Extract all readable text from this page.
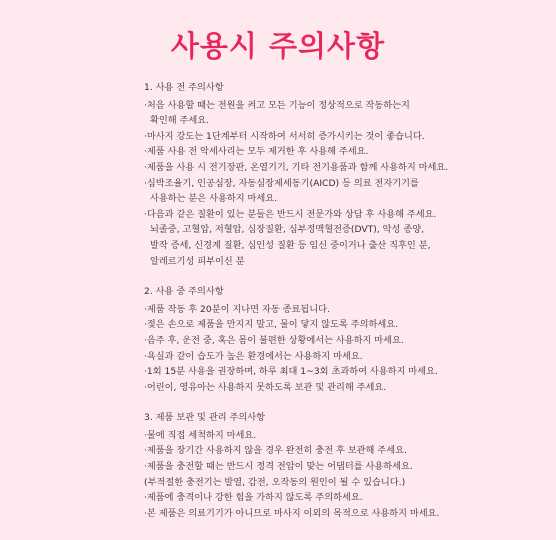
사용시 주의사항
1. 사용 전 주의사항
·처음 사용할 때는 전원을 켜고 모든 기능이 정상적으로 작동하는지
확인해 주세요.
·마사지 강도는 1단계부터 시작하여 서서히 증가시키는 것이 좋습니다.
·제품 사용 전 악세사리는 모두 제거한 후 사용해 주세요.
·제품을 사용 시 전기장판, 온열기기, 기타 전기용품과 함께 사용하지 마세요.
·심박조율기, 인공심장, 자동심장제세동기(AICD) 등 의료 전자기기를
사용하는 분은 사용하지 마세요.
·다음과 같은 질환이 있는 분들은 반드시 전문가와 상담 후 사용해 주세요.
뇌졸중, 고혈압, 저혈압, 심장질환, 심부정맥혈전증(DVT), 악성 종양,
발작 증세, 신경계 질환, 심인성 질환 등 임신 중이거나 출산 직후인 분,
알레르기성 피부이신 분
2. 사용 중 주의사항
·제품 작동 후 20분이 지나면 자동 종료됩니다.
·젖은 손으로 제품을 만지지 말고, 물이 닿지 않도록 주의하세요.
·음주 후, 운전 중, 혹은 몸이 불편한 상황에서는 사용하지 마세요.
·욕실과 같이 습도가 높은 환경에서는 사용하지 마세요.
·1회 15분 사용을 권장하며, 하루 최대 1~3회 초과하여 사용하지 마세요.
·어린이, 영유아는 사용하지 못하도록 보관 및 관리해 주세요.
3. 제품 보관 및 관리 주의사항
·물에 직접 세척하지 마세요.
·제품을 장기간 사용하지 않을 경우 완전히 충전 후 보관해 주세요.
·제품을 충전할 때는 반드시 정격 전압이 맞는 어댑터를 사용하세요.
(부적절한 충전기는 발열, 감전, 오작동의 원인이 될 수 있습니다.)
·제품에 충격이나 강한 힘을 가하지 않도록 주의하세요.
·본 제품은 의료기기가 아니므로 마사지 이외의 목적으로 사용하지 마세요.
